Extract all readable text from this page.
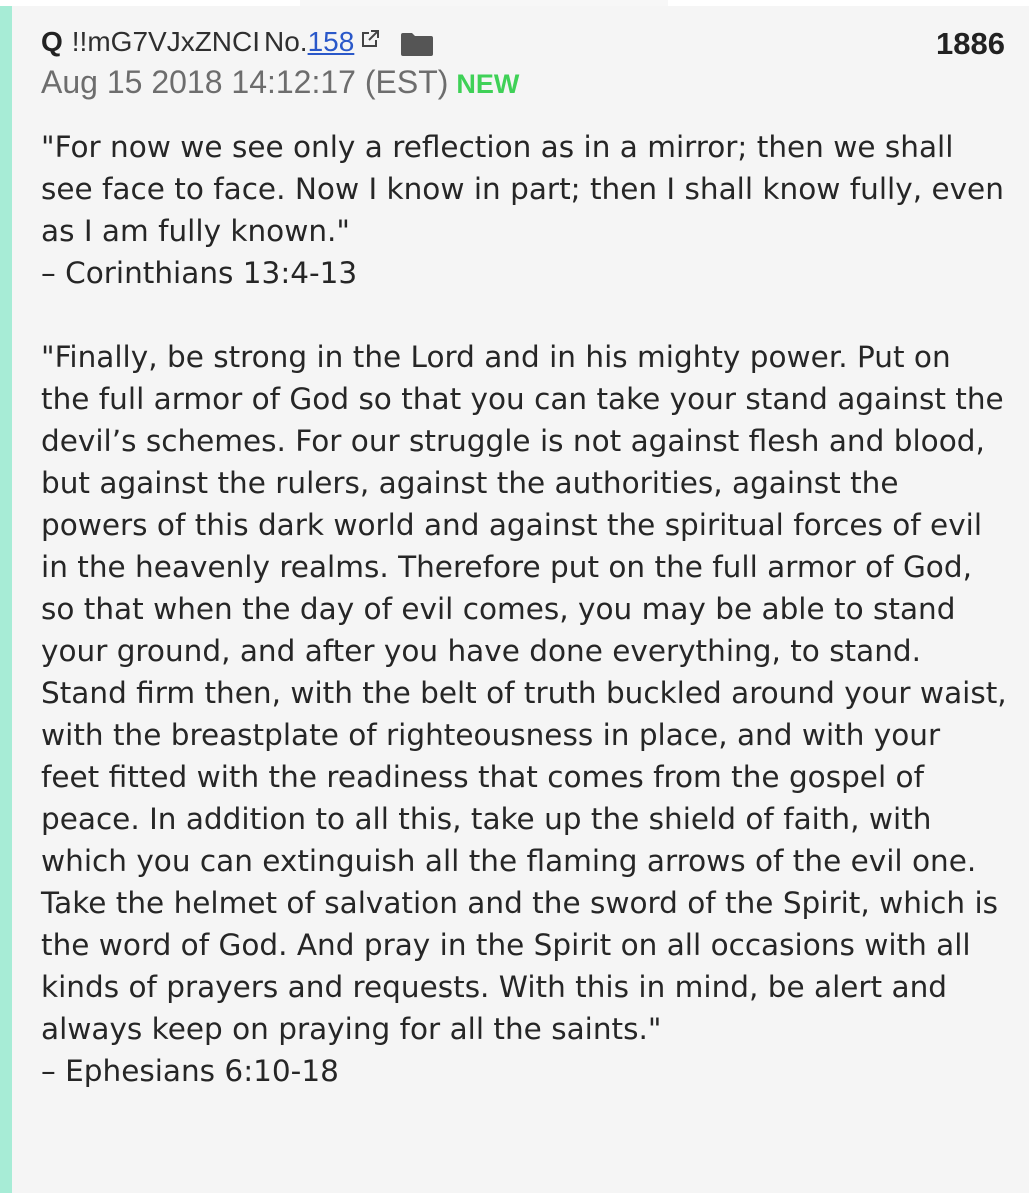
Q !!mG7VJxZNCI No. 158	1886
Aug 15 2018 14:12:17 (EST) NEW

"For now we see only a reflection as in a mirror; then we shall see face to face. Now I know in part; then I shall know fully, even as I am fully known."

– Corinthians 13:4-13

"Finally, be strong in the Lord and in his mighty power. Put on the full armor of God so that you can take your stand against the devil’s schemes. For our struggle is not against flesh and blood, but against the rulers, against the authorities, against the powers of this dark world and against the spiritual forces of evil in the heavenly realms. Therefore put on the full armor of God, so that when the day of evil comes, you may be able to stand your ground, and after you have done everything, to stand. Stand firm then, with the belt of truth buckled around your waist, with the breastplate of righteousness in place, and with your feet fitted with the readiness that comes from the gospel of peace. In addition to all this, take up the shield of faith, with which you can extinguish all the flaming arrows of the evil one. Take the helmet of salvation and the sword of the Spirit, which is the word of God. And pray in the Spirit on all occasions with all kinds of prayers and requests. With this in mind, be alert and always keep on praying for all the saints."

– Ephesians 6:10-18
